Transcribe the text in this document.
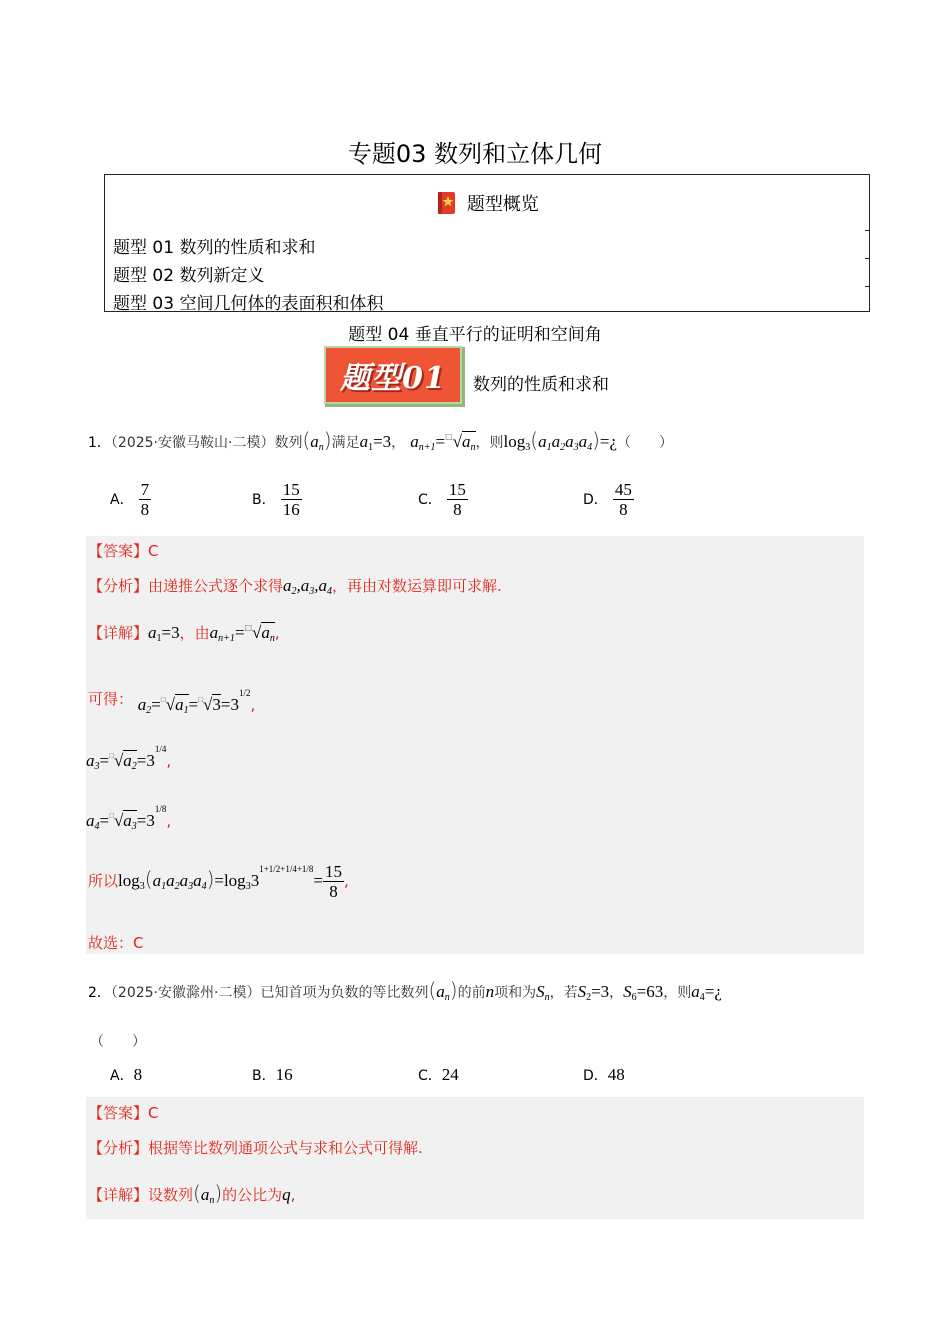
专题03 数列和立体几何
题型概览
题型 01 数列的性质和求和
题型 02 数列新定义
题型 03 空间几何体的表面积和体积
题型 04 垂直平行的证明和空间角
题型01	数列的性质和求和
1．（2025·安徽马鞍山·二模）数列$(a_n)$满足$a_1=3$， $a_{n+1}=^□√a_n$，则$\log_3(a_1a_2a_3a_4)=¿$（　　）
A． $\frac{7}{8}$	B． $\frac{15}{16}$	C． $\frac{15}{8}$	D． $\frac{45}{8}$
【答案】C
【分析】由递推公式逐个求得$a_2,a_3,a_4$，再由对数运算即可求解.
【详解】$a_1=3$，由$a_{n+1}=^□√a_n$,
可得： $a_2=^□√a_1=^□√3=3^{1/2}$,
$a_3=^□√a_2=3^{1/4}$,
$a_4=^□√a_3=3^{1/8}$,
所以$\log_3(a_1a_2a_3a_4)=\log_33^{1+1/2+1/4+1/8}= \frac{15}{8}$ ,
故选：C
2．（2025·安徽滁州·二模）已知首项为负数的等比数列$(a_n)$的前n项和为$S_n$，若$S_2=3$，$S_6=63$，则$a_4=¿$
（　　）
A．8	B．16	C．24	D．48
【答案】C
【分析】根据等比数列通项公式与求和公式可得解.
【详解】设数列$(a_n)$的公比为q,
